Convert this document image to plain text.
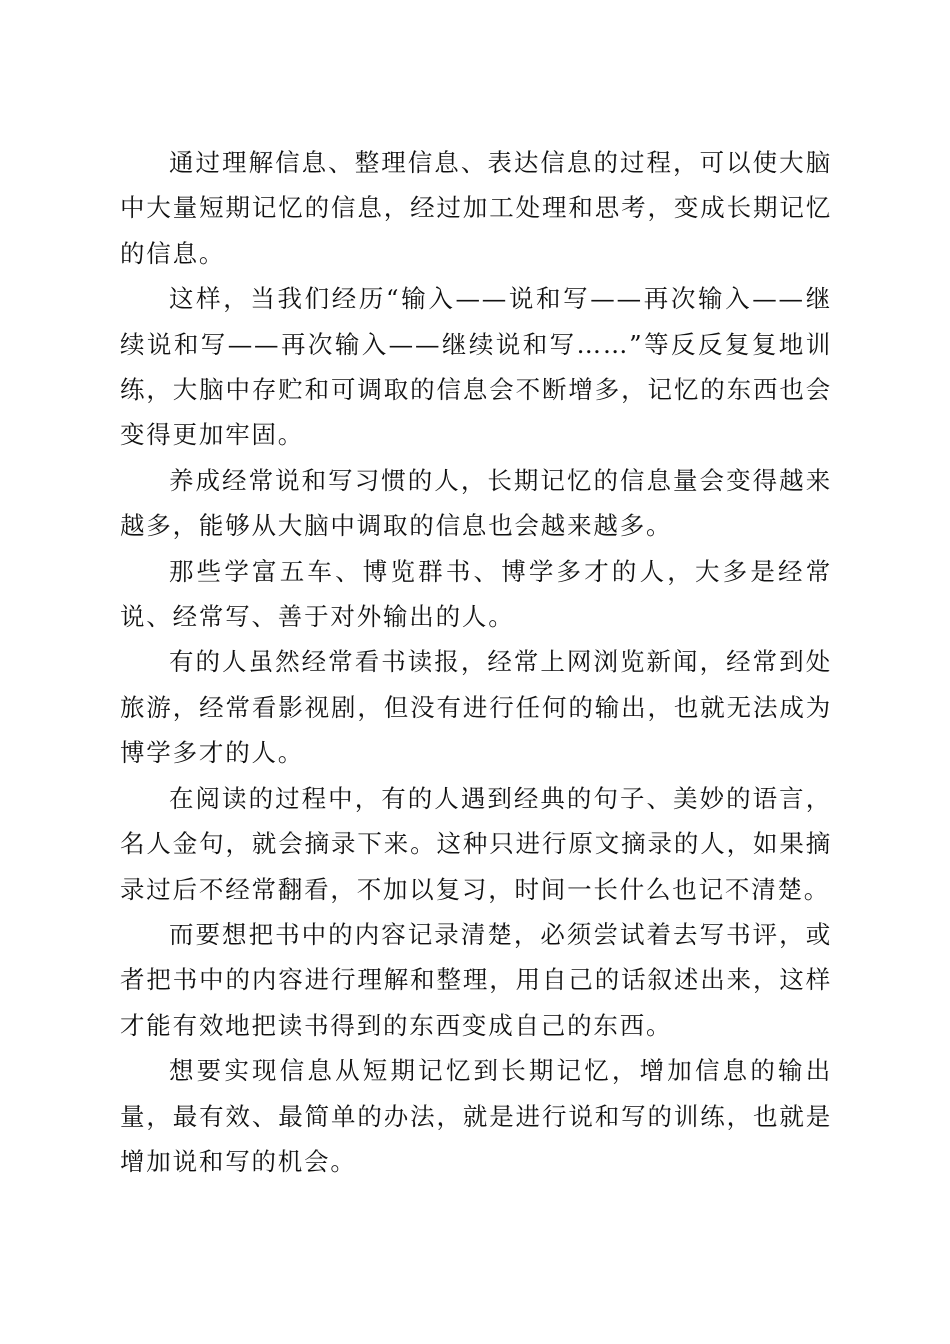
通过理解信息、整理信息、表达信息的过程，可以使大脑中大量短期记忆的信息，经过加工处理和思考，变成长期记忆的信息。

这样，当我们经历“输入——说和写——再次输入——继续说和写——再次输入——继续说和写……”等反反复复地训练，大脑中存贮和可调取的信息会不断增多，记忆的东西也会变得更加牢固。

养成经常说和写习惯的人，长期记忆的信息量会变得越来越多，能够从大脑中调取的信息也会越来越多。

那些学富五车、博览群书、博学多才的人，大多是经常说、经常写、善于对外输出的人。

有的人虽然经常看书读报，经常上网浏览新闻，经常到处旅游，经常看影视剧，但没有进行任何的输出，也就无法成为博学多才的人。

在阅读的过程中，有的人遇到经典的句子、美妙的语言，名人金句，就会摘录下来。这种只进行原文摘录的人，如果摘录过后不经常翻看，不加以复习，时间一长什么也记不清楚。

而要想把书中的内容记录清楚，必须尝试着去写书评，或者把书中的内容进行理解和整理，用自己的话叙述出来，这样才能有效地把读书得到的东西变成自己的东西。

想要实现信息从短期记忆到长期记忆，增加信息的输出量，最有效、最简单的办法，就是进行说和写的训练，也就是增加说和写的机会。
